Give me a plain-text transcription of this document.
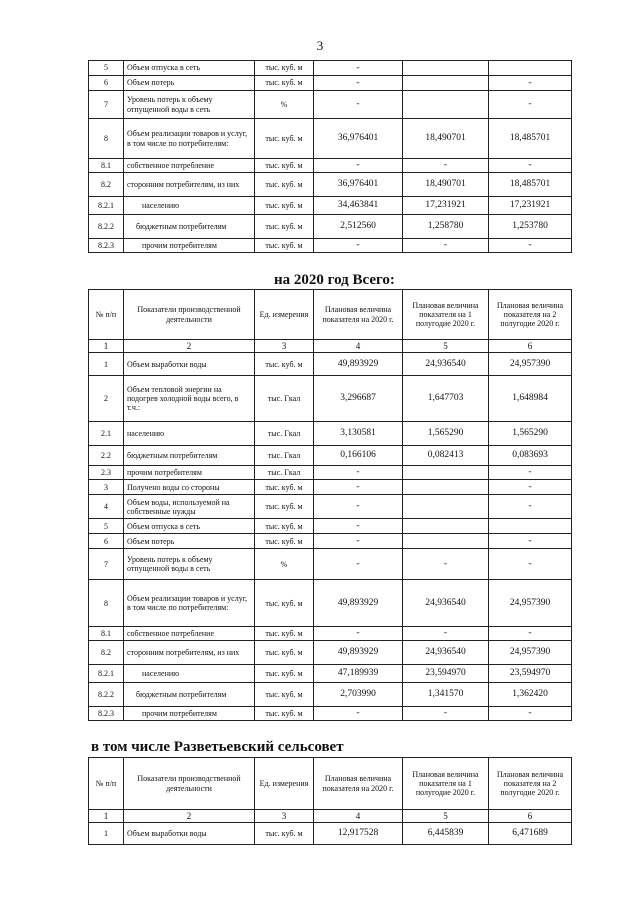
3
5	Объем отпуска в сеть	тыс. куб. м	-		
6	Объем потерь	тыс. куб. м	-		-
7	Уровень потерь к объему отпущенной воды в сеть	%	-		-
8	Объем реализации товаров и услуг, в том числе по потребителям:	тыс. куб. м	36,976401	18,490701	18,485701
8.1	собственное потребление	тыс. куб. м	-	-	-
8.2	сторонним потребителям, из них	тыс. куб. м	36,976401	18,490701	18,485701
8.2.1	населению	тыс. куб. м	34,463841	17,231921	17,231921
8.2.2	бюджетным потребителям	тыс. куб. м	2,512560	1,258780	1,253780
8.2.3	прочим потребителям	тыс. куб. м	-	-	-
на 2020 год Всего:
№ п/п	Показатели производственной деятельности	Ед. измерения	Плановая величина показателя на 2020 г.	Плановая величина показателя на 1 полугодие 2020 г.	Плановая величина показателя на 2 полугодие 2020 г.
1	2	3	4	5	6
1	Объем выработки воды	тыс. куб. м	49,893929	24,936540	24,957390
2	Объем тепловой энергии на подогрев холодной воды всего, в т.ч.:	тыс. Гкал	3,296687	1,647703	1,648984
2.1	населению	тыс. Гкал	3,130581	1,565290	1,565290
2.2	бюджетным потребителям	тыс. Гкал	0,166106	0,082413	0,083693
2.3	прочим потребителям	тыс. Гкал	-		-
3	Получено воды со стороны	тыс. куб. м	-		-
4	Объем воды, используемой на собственные нужды	тыс. куб. м	-		-
5	Объем отпуска в сеть	тыс. куб. м	-		
6	Объем потерь	тыс. куб. м	-		-
7	Уровень потерь к объему отпущенной воды в сеть	%	-	-	-
8	Объем реализации товаров и услуг, в том числе по потребителям:	тыс. куб. м	49,893929	24,936540	24,957390
8.1	собственное потребление	тыс. куб. м	-	-	-
8.2	сторонним потребителям, из них	тыс. куб. м	49,893929	24,936540	24,957390
8.2.1	населению	тыс. куб. м	47,189939	23,594970	23,594970
8.2.2	бюджетным потребителям	тыс. куб. м	2,703990	1,341570	1,362420
8.2.3	прочим потребителям	тыс. куб. м	-	-	-
в том числе Разветьевский сельсовет
№ п/п	Показатели производственной деятельности	Ед. измерения	Плановая величина показателя на 2020 г.	Плановая величина показателя на 1 полугодие 2020 г.	Плановая величина показателя на 2 полугодие 2020 г.
1	2	3	4	5	6
1	Объем выработки воды	тыс. куб. м	12,917528	6,445839	6,471689
